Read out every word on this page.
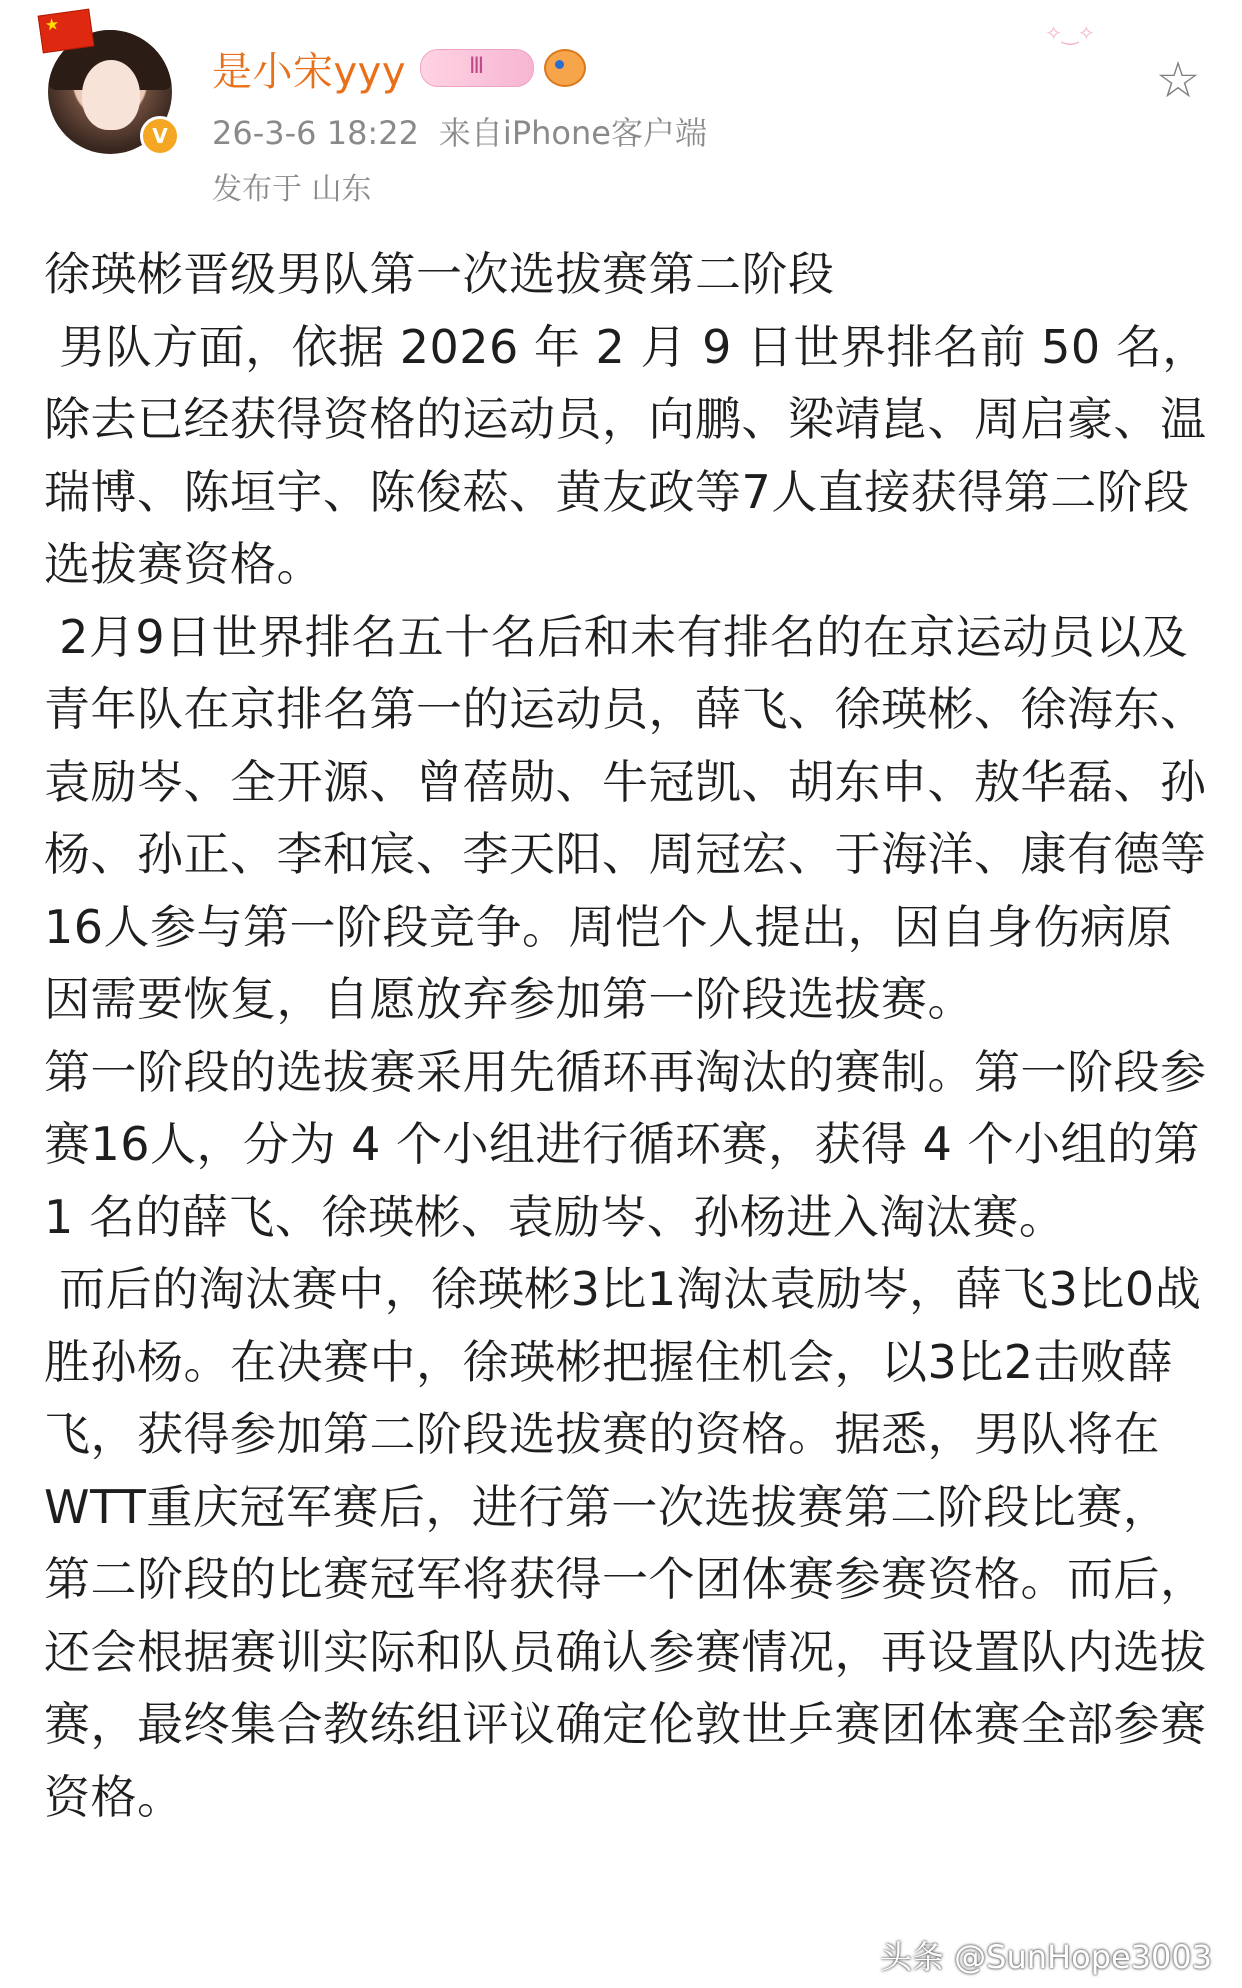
★
V
是小宋yyy
Ⅲ
26-3-6 18:22 来自iPhone客户端
发布于 山东
✧‿✧
☆

徐瑛彬晋级男队第一次选拔赛第二阶段

男队方面，依据 2026 年 2 月 9 日世界排名前 50 名，除去已经获得资格的运动员，向鹏、梁靖崑、周启豪、温瑞博、陈垣宇、陈俊菘、黄友政等7人直接获得第二阶段选拔赛资格。

2月9日世界排名五十名后和未有排名的在京运动员以及青年队在京排名第一的运动员，薛飞、徐瑛彬、徐海东、袁励岑、全开源、曾蓓勋、牛冠凯、胡东申、敖华磊、孙杨、孙正、李和宸、李天阳、周冠宏、于海洋、康有德等16人参与第一阶段竞争。周恺个人提出，因自身伤病原因需要恢复，自愿放弃参加第一阶段选拔赛。

第一阶段的选拔赛采用先循环再淘汰的赛制。第一阶段参赛16人，分为 4 个小组进行循环赛，获得 4 个小组的第 1 名的薛飞、徐瑛彬、袁励岑、孙杨进入淘汰赛。

而后的淘汰赛中，徐瑛彬3比1淘汰袁励岑，薛飞3比0战胜孙杨。在决赛中，徐瑛彬把握住机会，以3比2击败薛飞，获得参加第二阶段选拔赛的资格。据悉，男队将在WTT重庆冠军赛后，进行第一次选拔赛第二阶段比赛，第二阶段的比赛冠军将获得一个团体赛参赛资格。而后，还会根据赛训实际和队员确认参赛情况，再设置队内选拔赛，最终集合教练组评议确定伦敦世乒赛团体赛全部参赛资格。

头条 @SunHope3003
